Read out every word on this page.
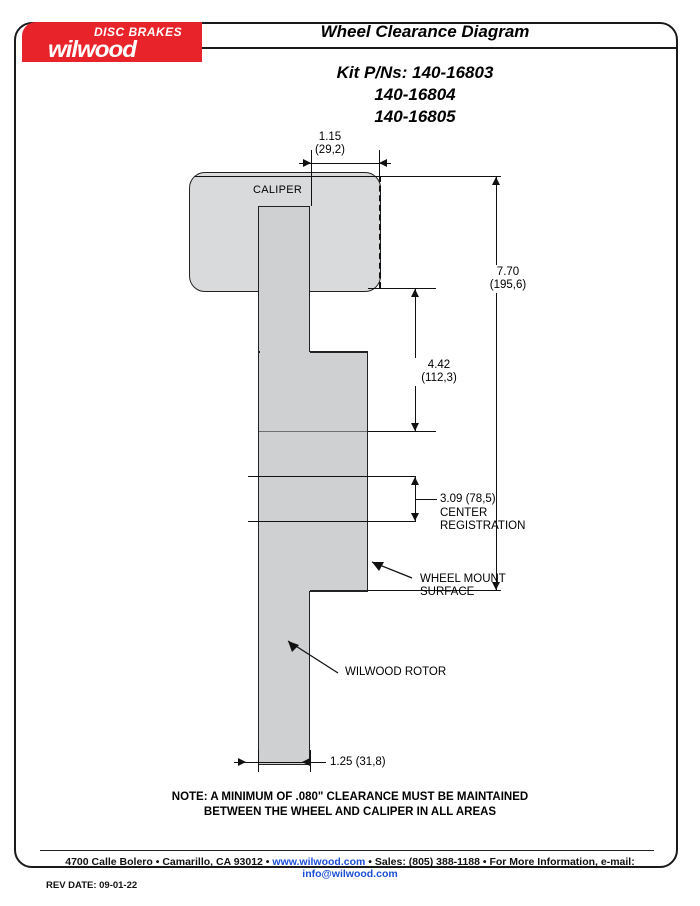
DISC BRAKES
wilwood
Wheel Clearance Diagram
Kit P/Ns: 140-16803
140-16804
140-16805
CALIPER
1.15
(29,2)
7.70
(195,6)
4.42
(112,3)
3.09 (78,5)
CENTER
REGISTRATION
WHEEL MOUNT
SURFACE
WILWOOD ROTOR
1.25 (31,8)
NOTE: A MINIMUM OF .080" CLEARANCE MUST BE MAINTAINED
BETWEEN THE WHEEL AND CALIPER IN ALL AREAS
4700 Calle Bolero • Camarillo, CA 93012 • www.wilwood.com • Sales: (805) 388-1188 • For More Information, e-mail: info@wilwood.com
REV DATE: 09-01-22
